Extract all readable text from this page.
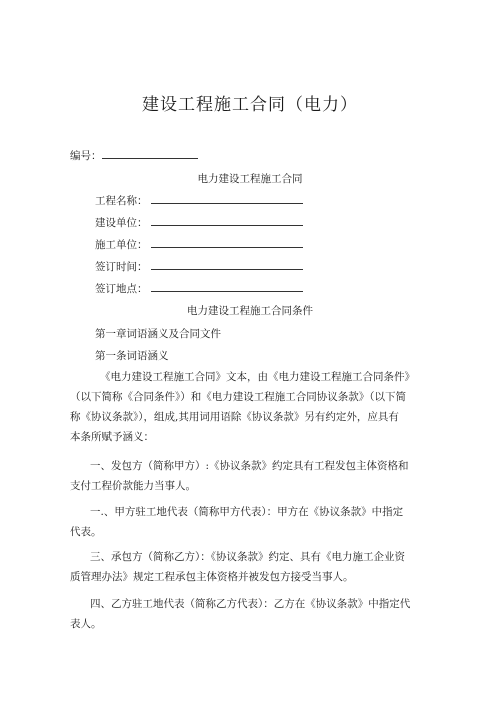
建设工程施工合同（电力）
编号：
电力建设工程施工合同
工程名称：
建设单位：
施工单位：
签订时间：
签订地点：
电力建设工程施工合同条件
第一章词语涵义及合同文件
第一条词语涵义

《电力建设工程施工合同》文本，由《电力建设工程施工合同条件》

（以下简称《合同条件》）和《电力建设工程施工合同协议条款》（以下简

称《协议条款》），组成,其用词用语除《协议条款》另有约定外，应具有

本条所赋予涵义：

一、发包方（简称甲方）:《协议条款》约定具有工程发包主体资格和

支付工程价款能力当事人。

一.、甲方驻工地代表（简称甲方代表）：甲方在《协议条款》中指定

代表。

三、承包方（简称乙方）：《协议条款》约定、具有《电力施工企业资

质管理办法》规定工程承包主体资格并被发包方接受当事人。

四、乙方驻工地代表（简称乙方代表）：乙方在《协议条款》中指定代

表人。
